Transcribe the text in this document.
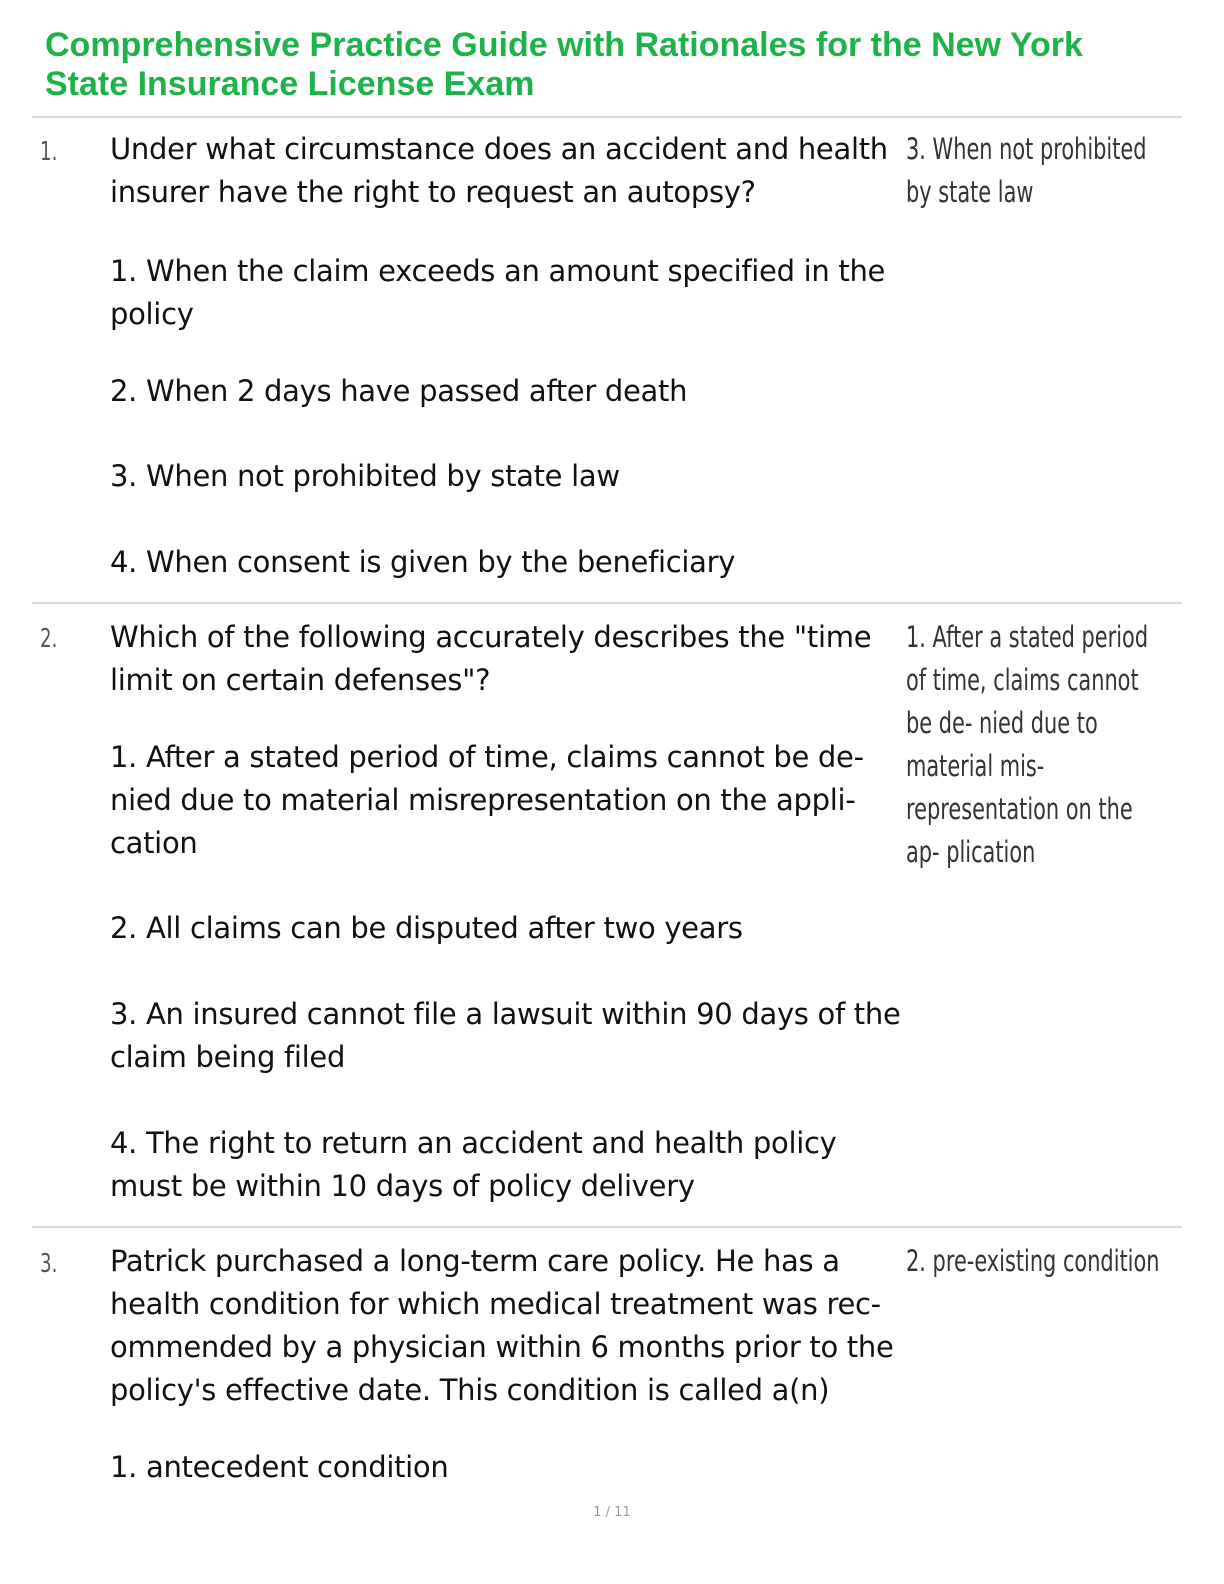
Comprehensive Practice Guide with Rationales for the New York State Insurance License Exam
1. Under what circumstance does an accident and health insurer have the right to request an autopsy?
1. When the claim exceeds an amount specified in the policy
2. When 2 days have passed after death
3. When not prohibited by state law
4. When consent is given by the beneficiary
3. When not prohibited by state law
2. Which of the following accurately describes the "time limit on certain defenses"?
1. After a stated period of time, claims cannot be de- nied due to material misrepresentation on the appli- cation
2. All claims can be disputed after two years
3. An insured cannot file a lawsuit within 90 days of the claim being filed
4. The right to return an accident and health policy must be within 10 days of policy delivery
1. After a stated period of time, claims cannot be de- nied due to material mis- representation on the ap- plication
3. Patrick purchased a long-term care policy. He has a health condition for which medical treatment was rec- ommended by a physician within 6 months prior to the policy's effective date. This condition is called a(n)
1. antecedent condition
2. pre-existing condition
1 / 11
